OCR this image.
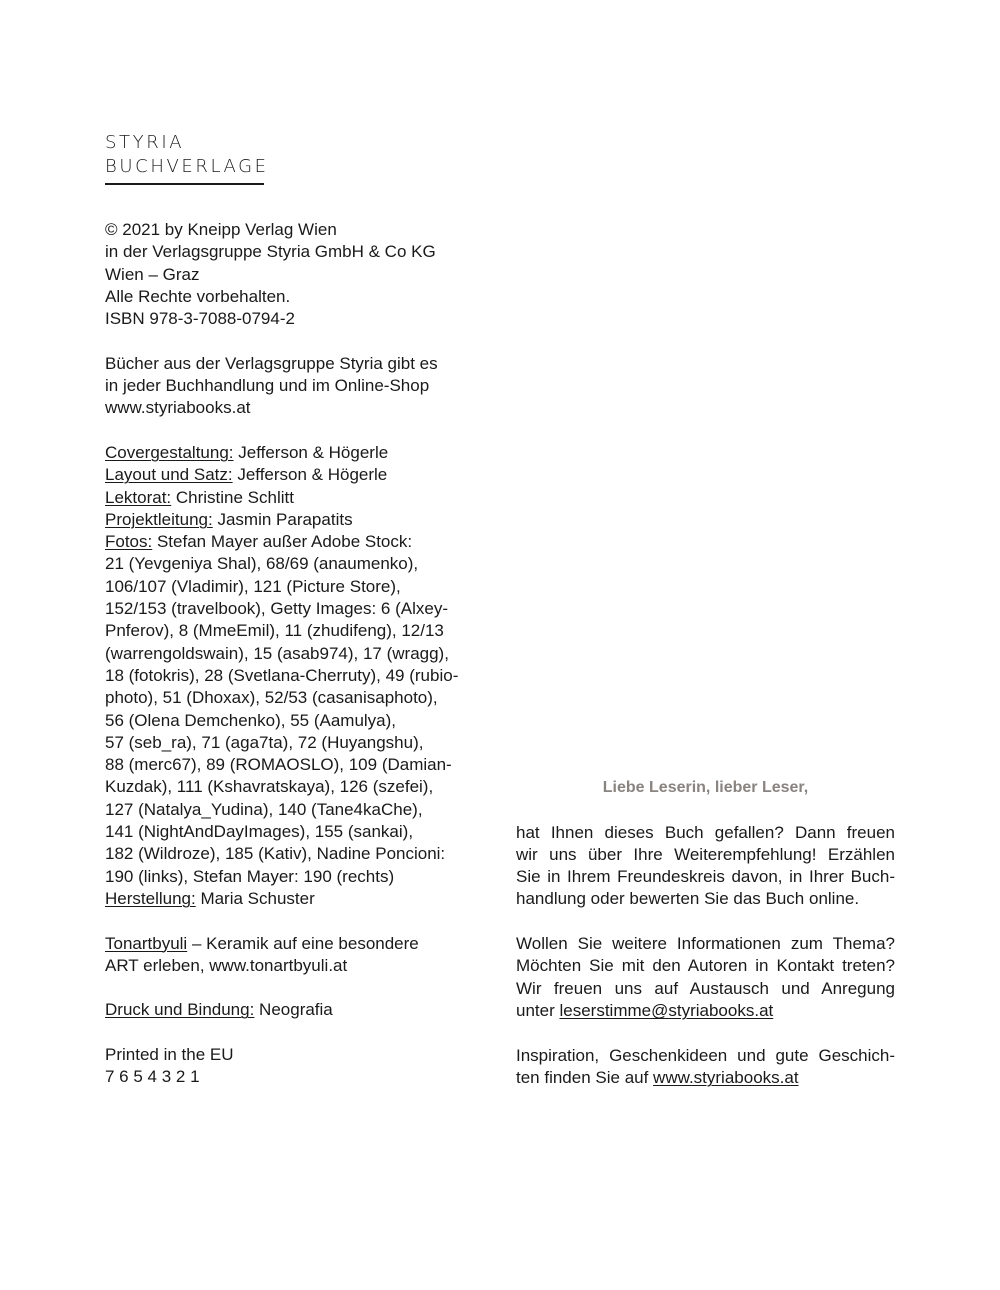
STYRIA
BUCHVERLAGE

© 2021 by Kneipp Verlag Wien
in der Verlagsgruppe Styria GmbH & Co KG
Wien – Graz
Alle Rechte vorbehalten.
ISBN 978-3-7088-0794-2

Bücher aus der Verlagsgruppe Styria gibt es
in jeder Buchhandlung und im Online-Shop
www.styriabooks.at

Covergestaltung: Jefferson & Högerle
Layout und Satz: Jefferson & Högerle
Lektorat: Christine Schlitt
Projektleitung: Jasmin Parapatits
Fotos: Stefan Mayer außer Adobe Stock:
21 (Yevgeniya Shal), 68/69 (anaumenko),
106/107 (Vladimir), 121 (Picture Store),
152/153 (travelbook), Getty Images: 6 (Alxey-
Pnferov), 8 (MmeEmil), 11 (zhudifeng), 12/13
(warrengoldswain), 15 (asab974), 17 (wragg),
18 (fotokris), 28 (Svetlana-Cherruty), 49 (rubio-
photo), 51 (Dhoxax), 52/53 (casanisaphoto),
56 (Olena Demchenko), 55 (Aamulya),
57 (seb_ra), 71 (aga7ta), 72 (Huyangshu),
88 (merc67), 89 (ROMAOSLO), 109 (Damian-
Kuzdak), 111 (Kshavratskaya), 126 (szefei),
127 (Natalya_Yudina), 140 (Tane4kaChe),
141 (NightAndDayImages), 155 (sankai),
182 (Wildroze), 185 (Kativ), Nadine Poncioni:
190 (links), Stefan Mayer: 190 (rechts)
Herstellung: Maria Schuster

Tonartbyuli – Keramik auf eine besondere
ART erleben, www.tonartbyuli.at

Druck und Bindung: Neografia

Printed in the EU
7 6 5 4 3 2 1

Liebe Leserin, lieber Leser,

hat Ihnen dieses Buch gefallen? Dann freuen
wir uns über Ihre Weiterempfehlung! Erzählen
Sie in Ihrem Freundeskreis davon, in Ihrer Buch-
handlung oder bewerten Sie das Buch online.

Wollen Sie weitere Informationen zum Thema?
Möchten Sie mit den Autoren in Kontakt treten?
Wir freuen uns auf Austausch und Anregung
unter leserstimme@styriabooks.at

Inspiration, Geschenkideen und gute Geschich-
ten finden Sie auf www.styriabooks.at
